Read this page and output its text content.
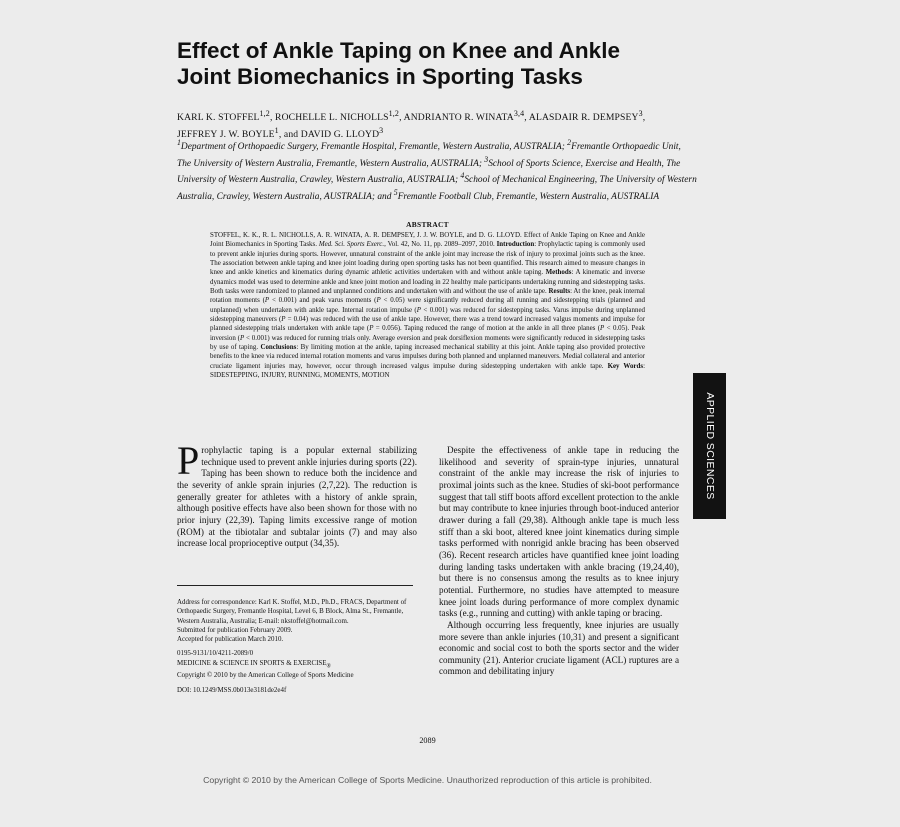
Effect of Ankle Taping on Knee and Ankle
Joint Biomechanics in Sporting Tasks
KARL K. STOFFEL$^{1,2}$, ROCHELLE L. NICHOLLS$^{1,2}$, ANDRIANTO R. WINATA$^{3,4}$, ALASDAIR R. DEMPSEY$^3$, JEFFREY J. W. BOYLE$^1$, and DAVID G. LLOYD$^3$
$^1$Department of Orthopaedic Surgery, Fremantle Hospital, Fremantle, Western Australia, AUSTRALIA; $^2$Fremantle Orthopaedic Unit, The University of Western Australia, Fremantle, Western Australia, AUSTRALIA; $^3$School of Sports Science, Exercise and Health, The University of Western Australia, Crawley, Western Australia, AUSTRALIA; $^4$School of Mechanical Engineering, The University of Western Australia, Crawley, Western Australia, AUSTRALIA; and $^5$Fremantle Football Club, Fremantle, Western Australia, AUSTRALIA
ABSTRACT
STOFFEL, K. K., R. L. NICHOLLS, A. R. WINATA, A. R. DEMPSEY, J. J. W. BOYLE, and D. G. LLOYD. Effect of Ankle Taping on Knee and Ankle Joint Biomechanics in Sporting Tasks. Med. Sci. Sports Exerc., Vol. 42, No. 11, pp. 2089–2097, 2010. Introduction: Prophylactic taping is commonly used to prevent ankle injuries during sports. However, unnatural constraint of the ankle joint may increase the risk of injury to proximal joints such as the knee. The association between ankle taping and knee joint loading during open sporting tasks has not been quantified. This research aimed to measure changes in knee and ankle kinetics and kinematics during dynamic athletic activities undertaken with and without ankle taping. Methods: A kinematic and inverse dynamics model was used to determine ankle and knee joint motion and loading in 22 healthy male participants undertaking running and sidestepping tasks. Both tasks were randomized to planned and unplanned conditions and undertaken with and without the use of ankle tape. Results: At the knee, peak internal rotation moments (P < 0.001) and peak varus moments (P < 0.05) were significantly reduced during all running and sidestepping trials (planned and unplanned) when undertaken with ankle tape. Internal rotation impulse (P < 0.001) was reduced for sidestepping tasks. Varus impulse during unplanned sidestepping maneuvers (P = 0.04) was reduced with the use of ankle tape. However, there was a trend toward increased valgus moments and impulse for planned sidestepping trials undertaken with ankle tape (P = 0.056). Taping reduced the range of motion at the ankle in all three planes (P < 0.05). Peak inversion (P < 0.001) was reduced for running trials only. Average eversion and peak dorsiflexion moments were significantly reduced in sidestepping tasks by use of taping. Conclusions: By limiting motion at the ankle, taping increased mechanical stability at this joint. Ankle taping also provided protective benefits to the knee via reduced internal rotation moments and varus impulses during both planned and unplanned maneuvers. Medial collateral and anterior cruciate ligament injuries may, however, occur through increased valgus impulse during sidestepping undertaken with ankle tape. Key Words: SIDESTEPPING, INJURY, RUNNING, MOMENTS, MOTION
APPLIED SCIENCES

Prophylactic taping is a popular external stabilizing technique used to prevent ankle injuries during sports (22). Taping has been shown to reduce both the incidence and the severity of ankle sprain injuries (2,7,22). The reduction is generally greater for athletes with a history of ankle sprain, although positive effects have also been shown for those with no prior injury (22,39). Taping limits excessive range of motion (ROM) at the tibiotalar and subtalar joints (7) and may also increase local proprioceptive output (34,35).

Address for correspondence: Karl K. Stoffel, M.D., Ph.D., FRACS, Department of Orthopaedic Surgery, Fremantle Hospital, Level 6, B Block, Alma St., Fremantle, Western Australia, Australia; E-mail: nkstoffel@hotmail.com.

Submitted for publication February 2009.

Accepted for publication March 2010.

0195-9131/10/4211-2089/0

MEDICINE & SCIENCE IN SPORTS & $EXERCISE_®$

Copyright © 2010 by the American College of Sports Medicine

DOI: 10.1249/MSS.0b013e3181de2e4f

Despite the effectiveness of ankle tape in reducing the likelihood and severity of sprain-type injuries, unnatural constraint of the ankle may increase the risk of injuries to proximal joints such as the knee. Studies of ski-boot performance suggest that tall stiff boots afford excellent protection to the ankle but may contribute to knee injuries through boot-induced anterior drawer during a fall (29,38). Although ankle tape is much less stiff than a ski boot, altered knee joint kinematics during simple tasks performed with nonrigid ankle bracing has been observed (36). Recent research articles have quantified knee joint loading during landing tasks undertaken with ankle bracing (19,24,40), but there is no consensus among the results as to knee injury potential. Furthermore, no studies have attempted to measure knee joint loads during performance of more complex dynamic tasks (e.g., running and cutting) with ankle taping or bracing.

Although occurring less frequently, knee injuries are usually more severe than ankle injuries (10,31) and present a significant economic and social cost to both the sports sector and the wider community (21). Anterior cruciate ligament (ACL) ruptures are a common and debilitating injury

2089
Copyright © 2010 by the American College of Sports Medicine. Unauthorized reproduction of this article is prohibited.
